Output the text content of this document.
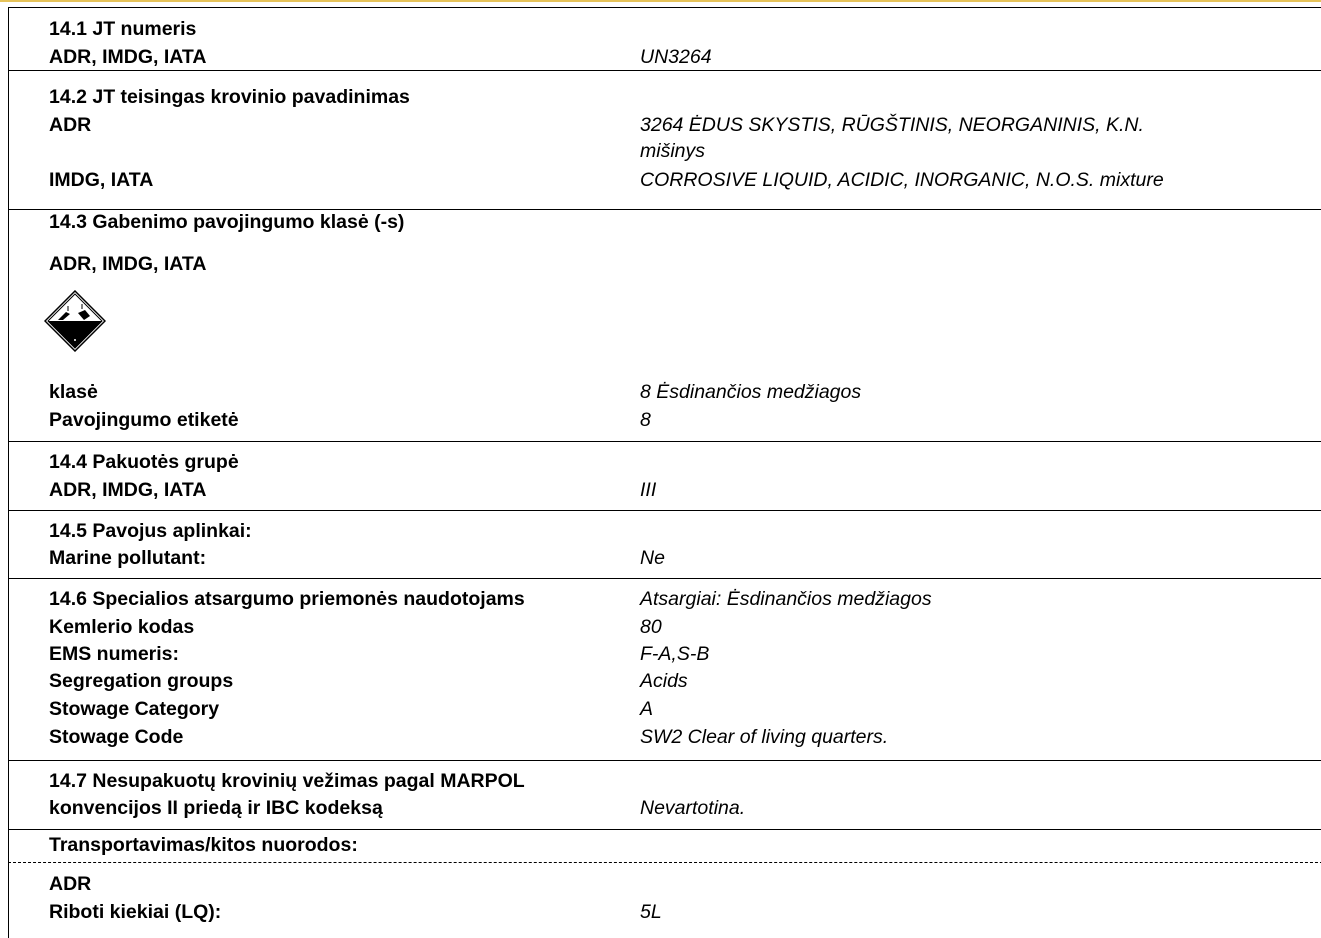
14.1 JT numeris
ADR, IMDG, IATA	UN3264
14.2 JT teisingas krovinio pavadinimas
ADR	3264 ĖDUS SKYSTIS, RŪGŠTINIS, NEORGANINIS, K.N.
mišinys
IMDG, IATA	CORROSIVE LIQUID, ACIDIC, INORGANIC, N.O.S. mixture
14.3 Gabenimo pavojingumo klasė (-s)
ADR, IMDG, IATA
klasė	8 Ėsdinančios medžiagos
Pavojingumo etiketė	8
14.4 Pakuotės grupė
ADR, IMDG, IATA	III
14.5 Pavojus aplinkai:
Marine pollutant:	Ne
14.6 Specialios atsargumo priemonės naudotojams	Atsargiai: Ėsdinančios medžiagos
Kemlerio kodas	80
EMS numeris:	F-A,S-B
Segregation groups	Acids
Stowage Category	A
Stowage Code	SW2 Clear of living quarters.
14.7 Nesupakuotų krovinių vežimas pagal MARPOL
konvencijos II priedą ir IBC kodeksą	Nevartotina.
Transportavimas/kitos nuorodos:
ADR
Riboti kiekiai (LQ):	5L
